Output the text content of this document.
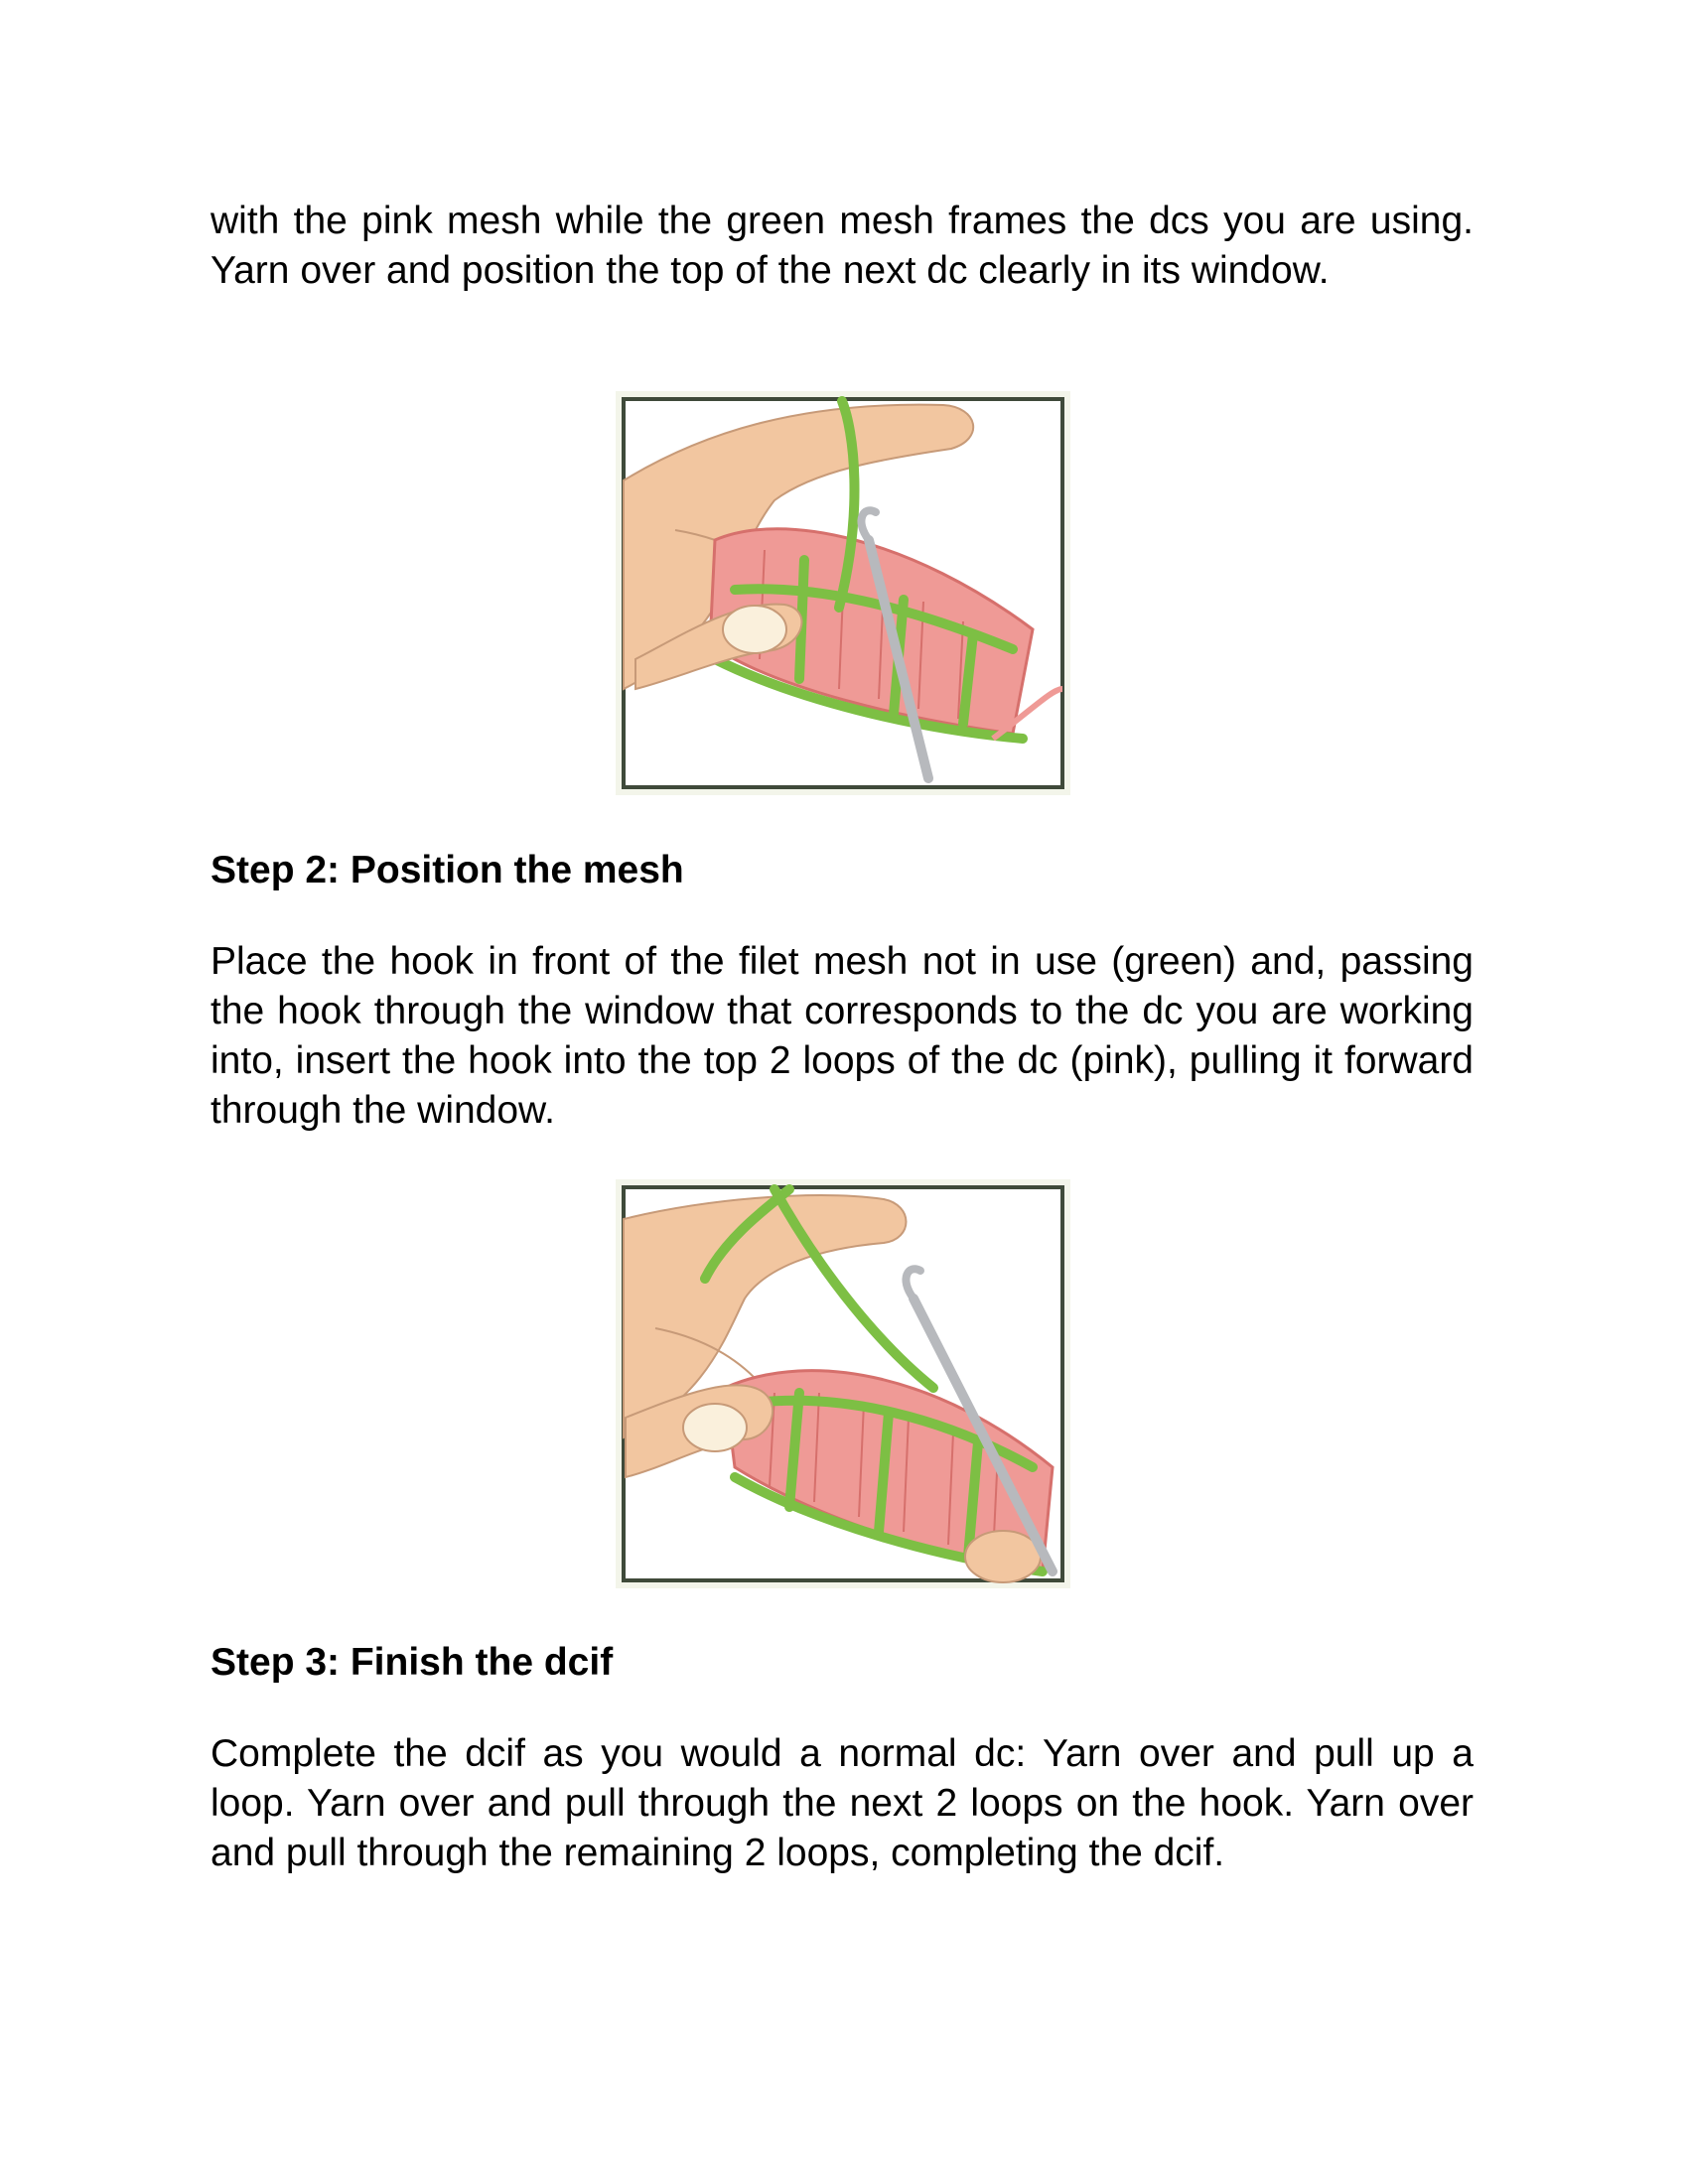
with the pink mesh while the green mesh frames the dcs you are using. Yarn over and position the top of the next dc clearly in its window.

Step 2: Position the mesh

Place the hook in front of the filet mesh not in use (green) and, passing the hook through the window that corresponds to the dc you are working into, insert the hook into the top 2 loops of the dc (pink), pulling it forward through the window.

Step 3: Finish the dcif

Complete the dcif as you would a normal dc: Yarn over and pull up a loop. Yarn over and pull through the next 2 loops on the hook. Yarn over and pull through the remaining 2 loops, completing the dcif.
